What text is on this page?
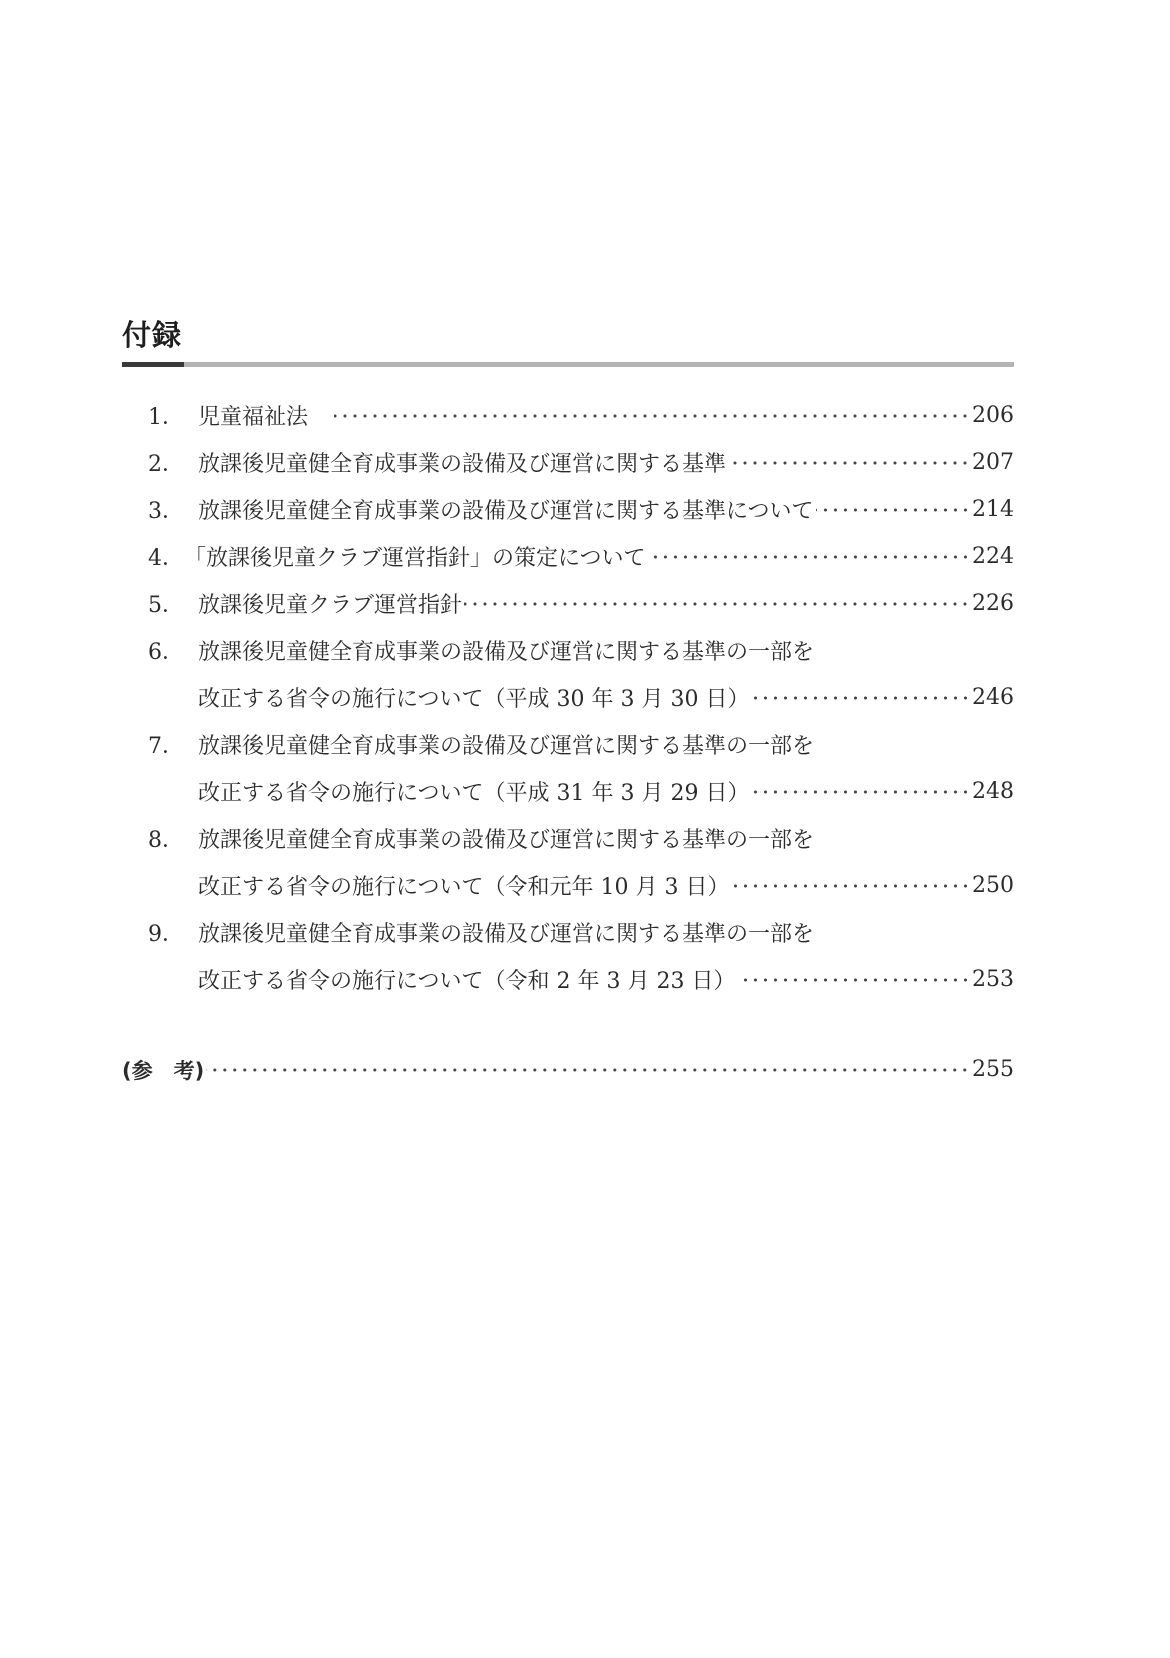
付録
1． 児童福祉法	206
2． 放課後児童健全育成事業の設備及び運営に関する基準	207
3． 放課後児童健全育成事業の設備及び運営に関する基準について	214
4． 「放課後児童クラブ運営指針」の策定について	224
5． 放課後児童クラブ運営指針	226
6． 放課後児童健全育成事業の設備及び運営に関する基準の一部を
改正する省令の施行について（平成 30 年 3 月 30 日）	246
7． 放課後児童健全育成事業の設備及び運営に関する基準の一部を
改正する省令の施行について（平成 31 年 3 月 29 日）	248
8． 放課後児童健全育成事業の設備及び運営に関する基準の一部を
改正する省令の施行について（令和元年 10 月 3 日）	250
9． 放課後児童健全育成事業の設備及び運営に関する基準の一部を
改正する省令の施行について（令和 2 年 3 月 23 日）	253
(参　考)	255
